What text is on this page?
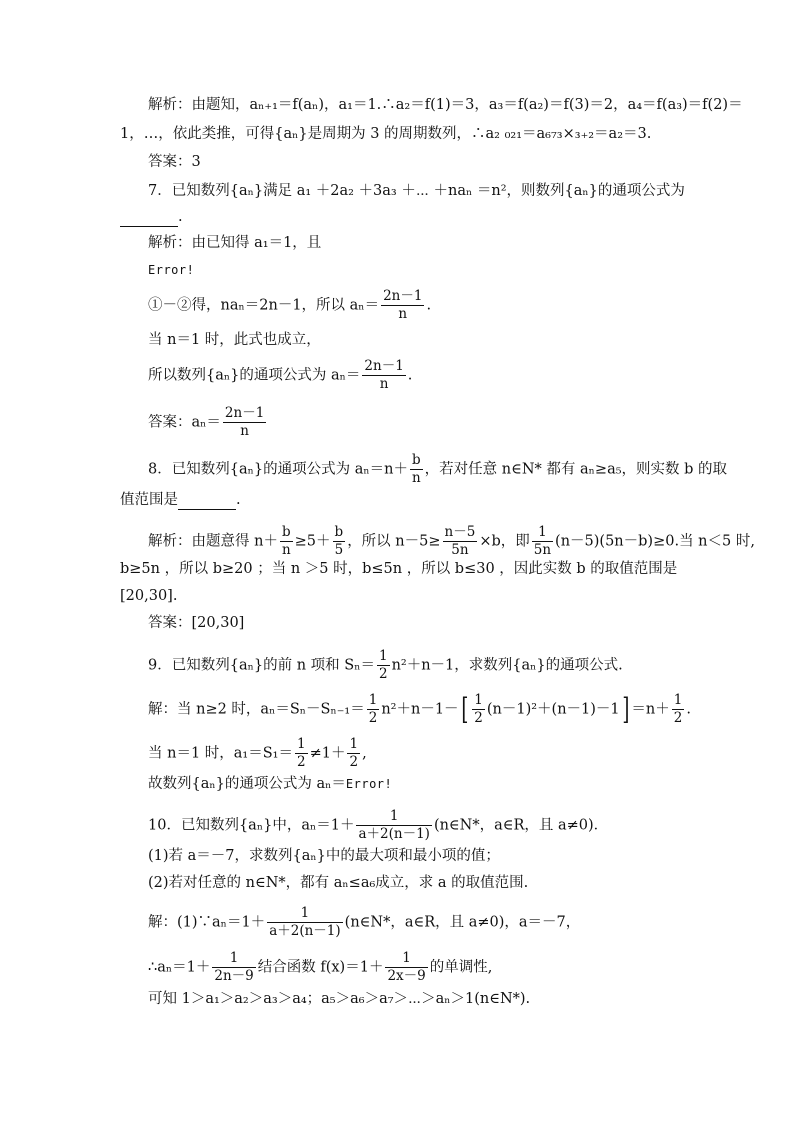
解析：由题知，aₙ₊₁＝f(aₙ)，a₁＝1.∴a₂＝f(1)＝3，a₃＝f(a₂)＝f(3)＝2，a₄＝f(a₃)＝f(2)＝
1，…，依此类推，可得{aₙ}是周期为 3 的周期数列，∴a₂ ₀₂₁＝a₆₇₃×₃₊₂＝a₂＝3.
答案：3
7．已知数列{aₙ}满足 a₁ ＋2a₂ ＋3a₃ ＋⋯ ＋naₙ ＝n²，则数列{aₙ}的通项公式为
.
解析：由已知得 a₁＝1，且
Error!
①－②得，naₙ＝2n－1，所以 $a_n= \frac{2n-1}{n}$ .
当 n＝1 时，此式也成立，
所以数列{aₙ}的通项公式为 $a_n= \frac{2n-1}{n}$ .
答案：$a_n= \frac{2n-1}{n}$
8．已知数列{aₙ}的通项公式为 $a_n=n+ \frac{b}{n}$ ，若对任意 n∈N* 都有 aₙ≥a₅，则实数 b 的取
值范围是	.
解析：由题意得 $n+ \frac{b}{n} \ge 5+ \frac{b}{5}$ ，所以 $n-5\ge \frac{n-5}{5n} \times b$，即 $\frac{1}{5n} (n-5)(5n-b)\ge 0$.当 n＜5 时,
b≥5n ，所以 b≥20 ；当 n ＞5 时，b≤5n ，所以 b≤30 ，因此实数 b 的取值范围是
[20,30].
答案：[20,30]
9．已知数列{aₙ}的前 n 项和 $S_n= \frac{1}{2} n^2+n-1$，求数列{aₙ}的通项公式.
解：当 n≥2 时，$a_n=S_n-S_{n-1}= \frac{1}{2} n^2+n-1-[ \frac{1}{2} (n-1)^2+(n-1)-1] =n+ \frac{1}{2}$ .
当 n＝1 时，$a_1=S_1= \frac{1}{2} \ne 1+ \frac{1}{2}$ ,
故数列{aₙ}的通项公式为 aₙ＝Error!
10．已知数列{aₙ}中，$a_n=1+ \frac{1}{a+2(n-1)}$ (n∈N*，a∈R，且 a≠0)．
(1)若 a＝－7，求数列{aₙ}中的最大项和最小项的值；
(2)若对任意的 n∈N*，都有 aₙ≤a₆成立，求 a 的取值范围.
解：(1)∵aₙ＝1＋ $\frac{1}{a+2(n-1)}$ (n∈N*，a∈R，且 a≠0)，a＝－7，
∴aₙ＝1＋ $\frac{1}{2n-9}$ 结合函数 $f(x)=1+ \frac{1}{2x-9}$ 的单调性,
可知 1＞a₁＞a₂＞a₃＞a₄；a₅＞a₆＞a₇＞⋯＞aₙ＞1(n∈N*).
